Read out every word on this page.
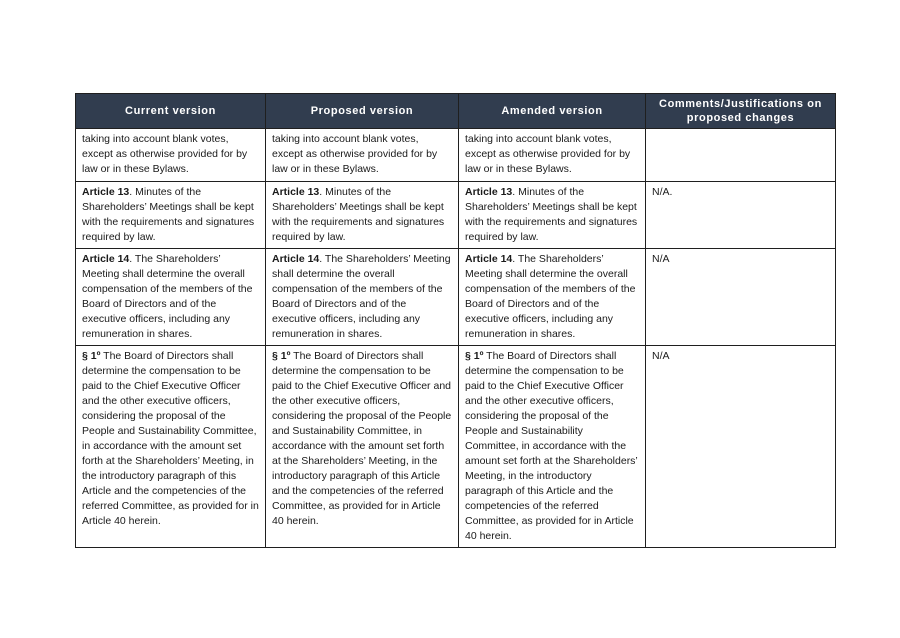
Current version	Proposed version	Amended version	Comments/Justifications on proposed changes
taking into account blank votes, except as otherwise provided for by law or in these Bylaws.	taking into account blank votes, except as otherwise provided for by law or in these Bylaws.	taking into account blank votes, except as otherwise provided for by law or in these Bylaws.	
Article 13. Minutes of the Shareholders’ Meetings shall be kept with the requirements and signatures required by law.	Article 13. Minutes of the Shareholders’ Meetings shall be kept with the requirements and signatures required by law.	Article 13. Minutes of the Shareholders’ Meetings shall be kept with the requirements and signatures required by law.	N/A.
Article 14. The Shareholders’ Meeting shall determine the overall compensation of the members of the Board of Directors and of the executive officers, including any remuneration in shares.	Article 14. The Shareholders’ Meeting shall determine the overall compensation of the members of the Board of Directors and of the executive officers, including any remuneration in shares.	Article 14. The Shareholders’ Meeting shall determine the overall compensation of the members of the Board of Directors and of the executive officers, including any remuneration in shares.	N/A
§ 1º The Board of Directors shall determine the compensation to be paid to the Chief Executive Officer and the other executive officers, considering the proposal of the People and Sustainability Committee, in accordance with the amount set forth at the Shareholders’ Meeting, in the introductory paragraph of this Article and the competencies of the referred Committee, as provided for in Article 40 herein.	§ 1º The Board of Directors shall determine the compensation to be paid to the Chief Executive Officer and the other executive officers, considering the proposal of the People and Sustainability Committee, in accordance with the amount set forth at the Shareholders’ Meeting, in the introductory paragraph of this Article and the competencies of the referred Committee, as provided for in Article 40 herein.	§ 1º The Board of Directors shall determine the compensation to be paid to the Chief Executive Officer and the other executive officers, considering the proposal of the People and Sustainability Committee, in accordance with the amount set forth at the Shareholders’ Meeting, in the introductory paragraph of this Article and the competencies of the referred Committee, as provided for in Article 40 herein.	N/A
